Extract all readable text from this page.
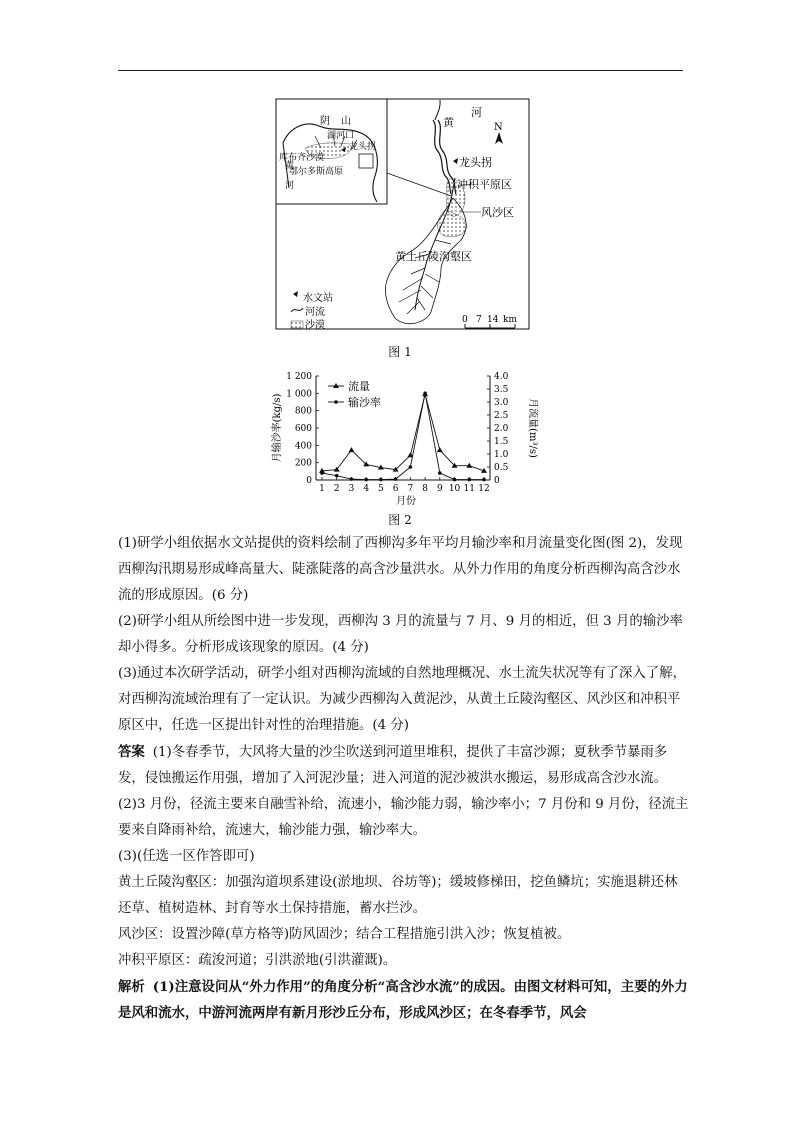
阴 山
湖河口
库布齐沙漠
龙头拐
鄂尔多斯高原
黄
河
N
黄
河
龙头拐
冲积平原区
风沙区
黄土丘陵沟壑区
水文站
河流
沙漠	0 7 14 km
图 1
0
200
400
600
800
1 000
1 200
0
0.5
1.0
1.5
2.0
2.5
3.0
3.5
4.0
1 2 3 4 5 6 7 8 9 10 11 12
月份
月输沙率(kg/s)	月流量(m³/s)
流量
输沙率
图 2

(1)研学小组依据水文站提供的资料绘制了西柳沟多年平均月输沙率和月流量变化图(图 2)，发现西柳沟汛期易形成峰高量大、陡涨陡落的高含沙量洪水。从外力作用的角度分析西柳沟高含沙水流的形成原因。(6 分)

(2)研学小组从所绘图中进一步发现，西柳沟 3 月的流量与 7 月、9 月的相近，但 3 月的输沙率却小得多。分析形成该现象的原因。(4 分)

(3)通过本次研学活动，研学小组对西柳沟流域的自然地理概况、水土流失状况等有了深入了解，对西柳沟流域治理有了一定认识。为减少西柳沟入黄泥沙，从黄土丘陵沟壑区、风沙区和冲积平原区中，任选一区提出针对性的治理措施。(4 分)

答案 (1)冬春季节，大风将大量的沙尘吹送到河道里堆积，提供了丰富沙源；夏秋季节暴雨多发，侵蚀搬运作用强，增加了入河泥沙量；进入河道的泥沙被洪水搬运，易形成高含沙水流。

(2)3 月份，径流主要来自融雪补给，流速小，输沙能力弱，输沙率小；7 月份和 9 月份，径流主要来自降雨补给，流速大，输沙能力强，输沙率大。

(3)(任选一区作答即可)

黄土丘陵沟壑区：加强沟道坝系建设(淤地坝、谷坊等)；缓坡修梯田，挖鱼鳞坑；实施退耕还林还草、植树造林、封育等水土保持措施，蓄水拦沙。

风沙区：设置沙障(草方格等)防风固沙；结合工程措施引洪入沙；恢复植被。

冲积平原区：疏浚河道；引洪淤地(引洪灌溉)。

解析 (1)注意设问从“外力作用”的角度分析“高含沙水流”的成因。由图文材料可知，主要的外力是风和流水，中游河流两岸有新月形沙丘分布，形成风沙区；在冬春季节，风会
